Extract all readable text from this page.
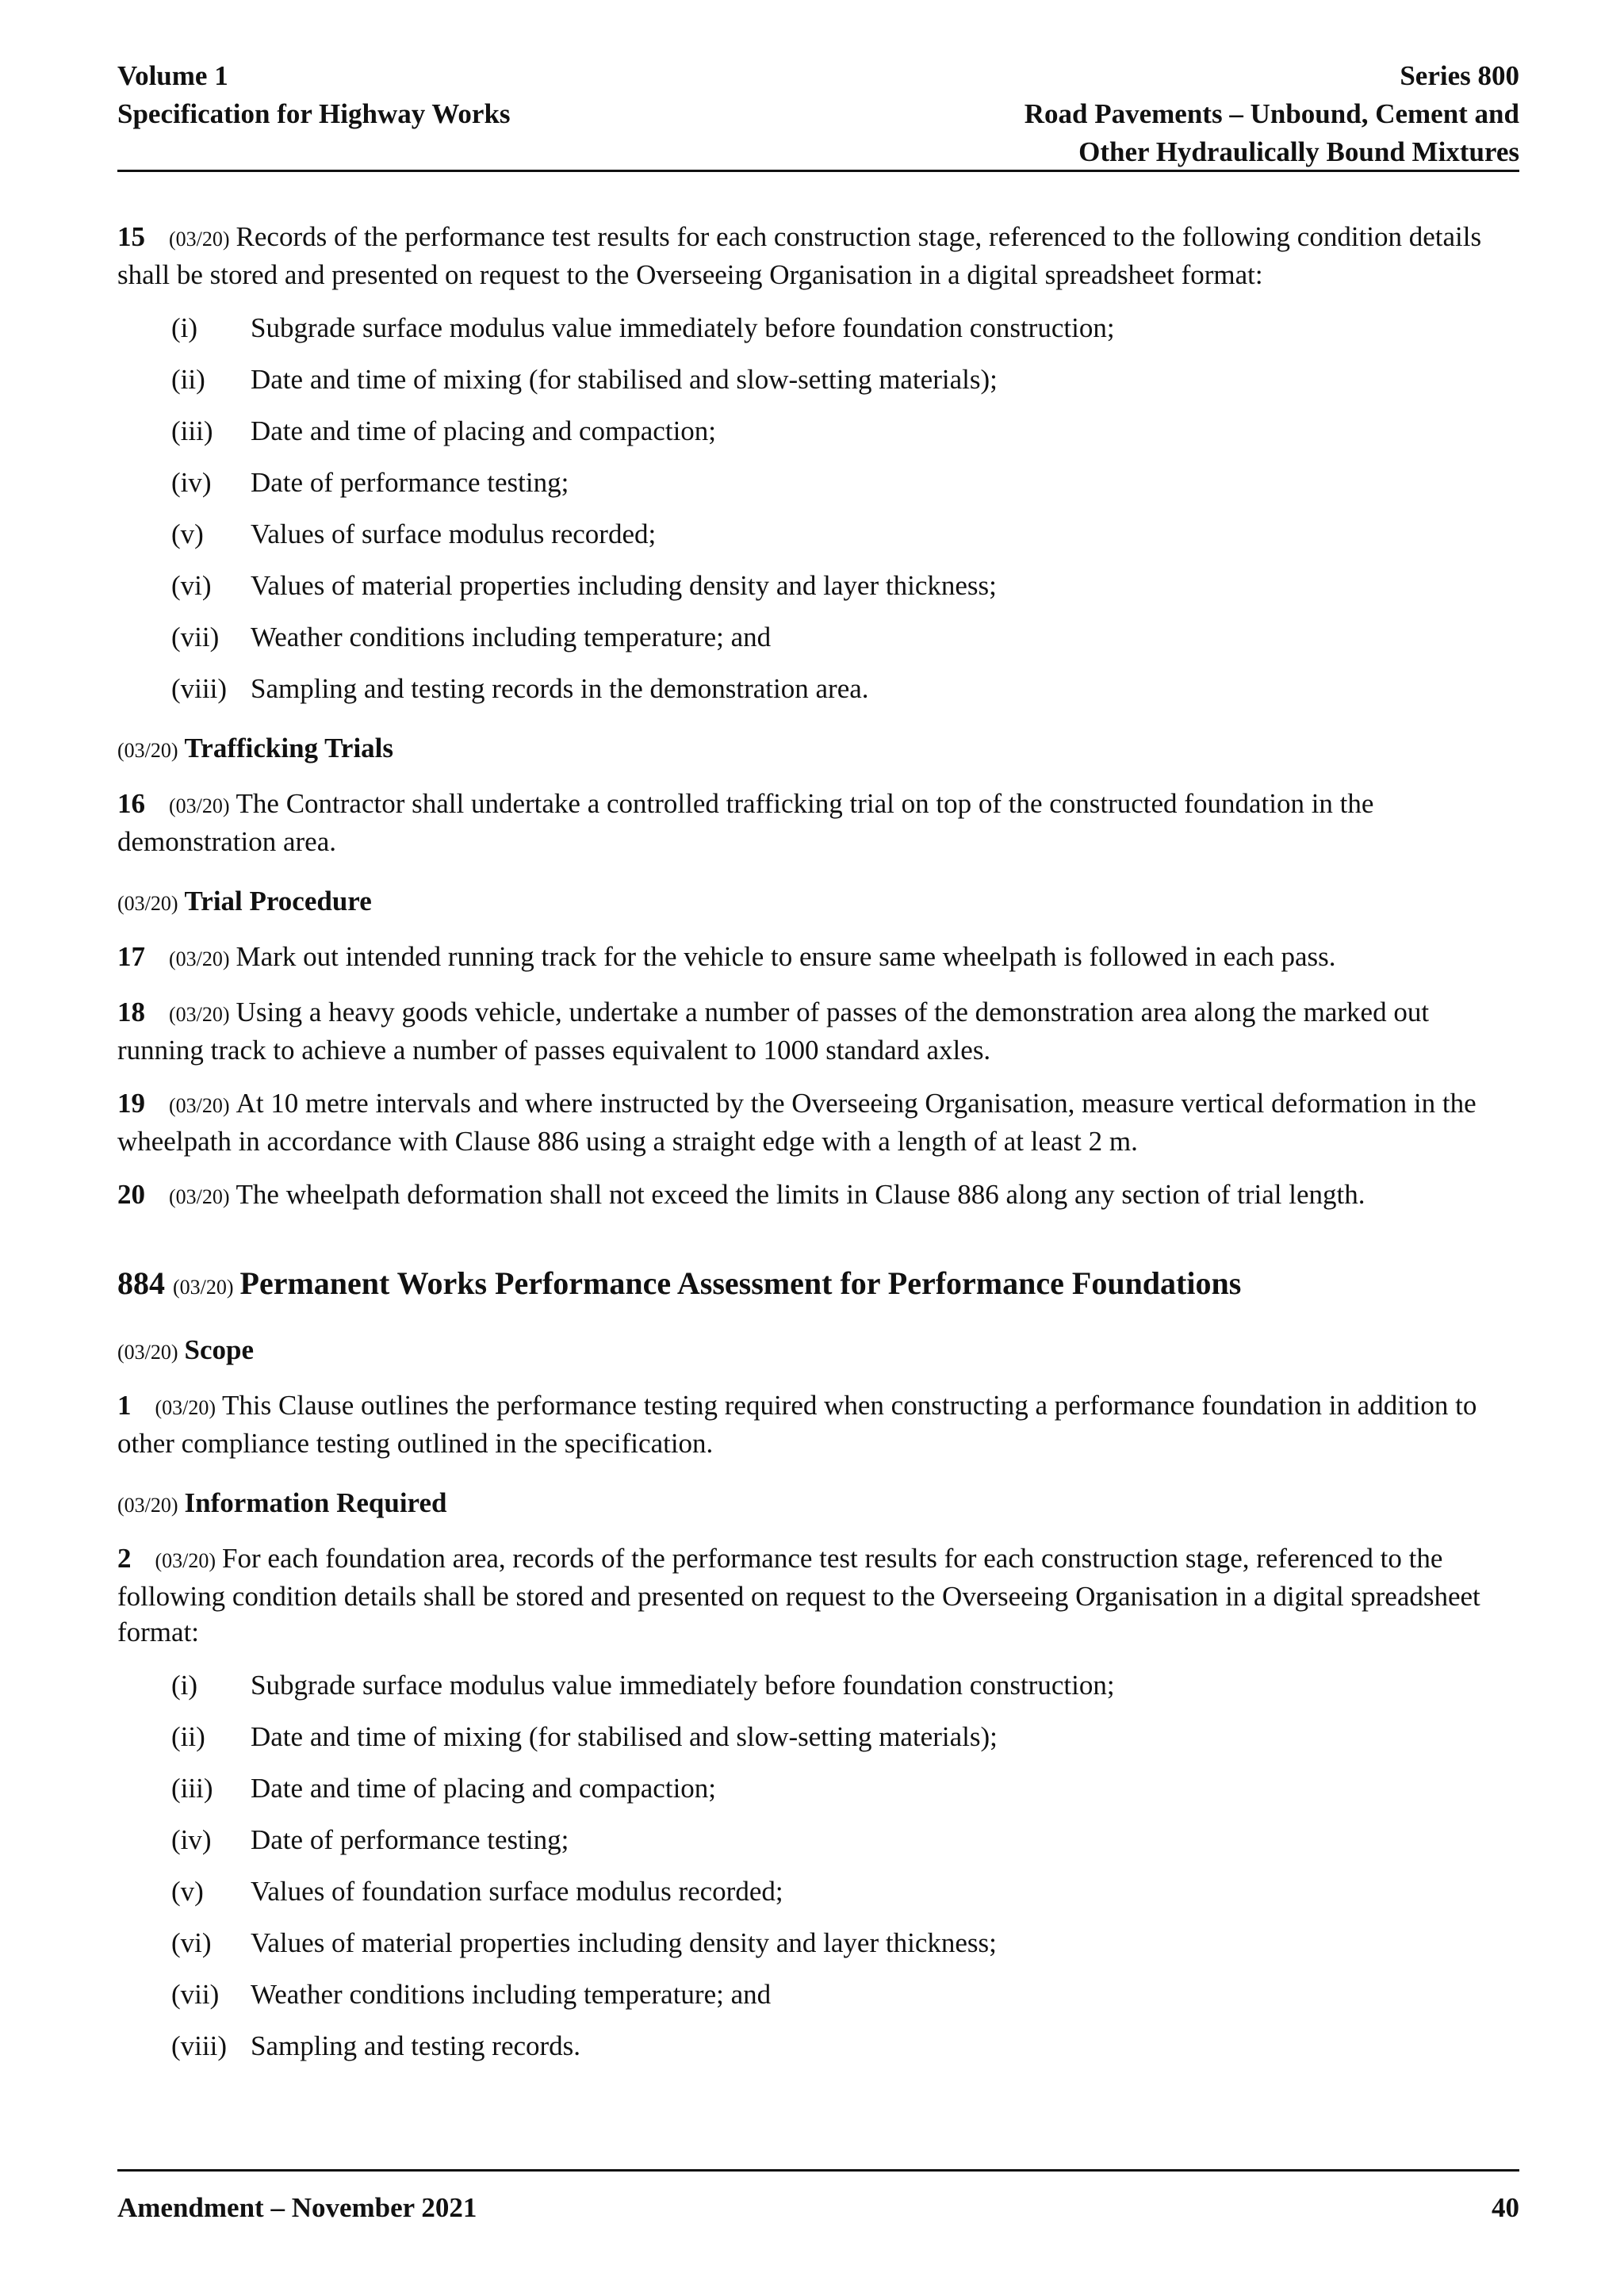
Volume 1
Specification for Highway Works
Series 800
Road Pavements – Unbound, Cement and
Other Hydraulically Bound Mixtures

15 (03/20) Records of the performance test results for each construction stage, referenced to the following condition details shall be stored and presented on request to the Overseeing Organisation in a digital spreadsheet format:

(i)	Subgrade surface modulus value immediately before foundation construction;
(ii)	Date and time of mixing (for stabilised and slow-setting materials);
(iii)	Date and time of placing and compaction;
(iv)	Date of performance testing;
(v)	Values of surface modulus recorded;
(vi)	Values of material properties including density and layer thickness;
(vii)	Weather conditions including temperature; and
(viii) Sampling and testing records in the demonstration area.
(03/20) Trafficking Trials

16 (03/20) The Contractor shall undertake a controlled trafficking trial on top of the constructed foundation in the demonstration area.

(03/20) Trial Procedure

17 (03/20) Mark out intended running track for the vehicle to ensure same wheelpath is followed in each pass.

18 (03/20) Using a heavy goods vehicle, undertake a number of passes of the demonstration area along the marked out running track to achieve a number of passes equivalent to 1000 standard axles.

19 (03/20) At 10 metre intervals and where instructed by the Overseeing Organisation, measure vertical deformation in the wheelpath in accordance with Clause 886 using a straight edge with a length of at least 2 m.

20 (03/20) The wheelpath deformation shall not exceed the limits in Clause 886 along any section of trial length.

884 (03/20) Permanent Works Performance Assessment for Performance Foundations
(03/20) Scope

1 (03/20) This Clause outlines the performance testing required when constructing a performance foundation in addition to other compliance testing outlined in the specification.

(03/20) Information Required

2 (03/20) For each foundation area, records of the performance test results for each construction stage, referenced to the following condition details shall be stored and presented on request to the Overseeing Organisation in a digital spreadsheet format:

(i)	Subgrade surface modulus value immediately before foundation construction;
(ii)	Date and time of mixing (for stabilised and slow-setting materials);
(iii)	Date and time of placing and compaction;
(iv)	Date of performance testing;
(v)	Values of foundation surface modulus recorded;
(vi)	Values of material properties including density and layer thickness;
(vii)	Weather conditions including temperature; and
(viii) Sampling and testing records.
Amendment – November 2021	40
